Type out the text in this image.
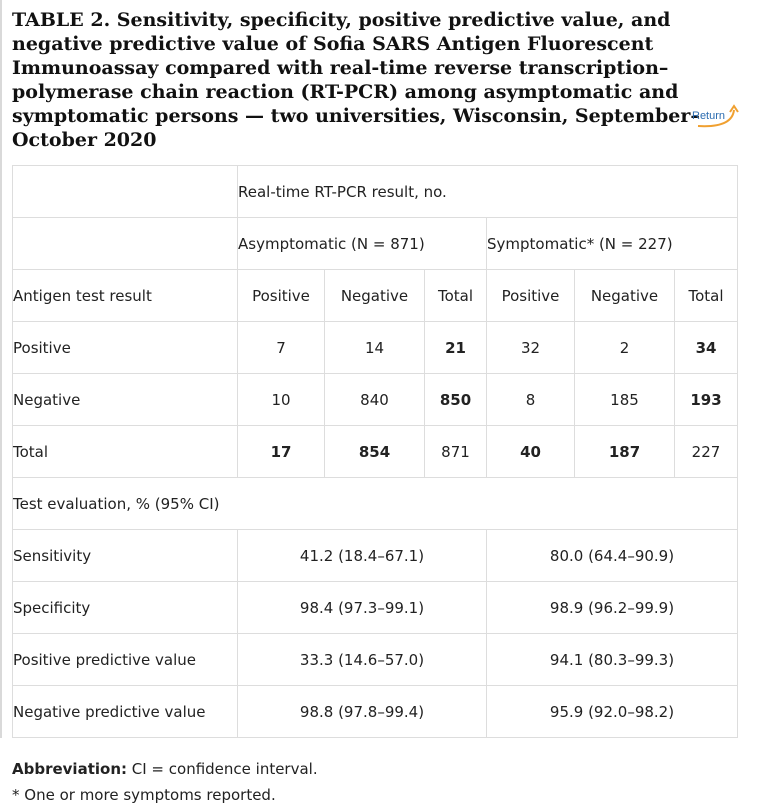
TABLE 2. Sensitivity, specificity, positive predictive value, and negative predictive value of Sofia SARS Antigen Fluorescent Immunoassay compared with real-time reverse transcription–polymerase chain reaction (RT-PCR) among asymptomatic and symptomatic persons — two universities, Wisconsin, September–October 2020
Return
	Real-time RT-PCR result, no.					
	Asymptomatic (N = 871)			Symptomatic* (N = 227)		
Antigen test result	Positive	Negative	Total	Positive	Negative	Total
Positive	7	14	21	32	2	34
Negative	10	840	850	8	185	193
Total	17	854	871	40	187	227
Test evaluation, % (95% CI)						
Sensitivity	41.2 (18.4–67.1)			80.0 (64.4–90.9)		
Specificity	98.4 (97.3–99.1)			98.9 (96.2–99.9)		
Positive predictive value	33.3 (14.6–57.0)			94.1 (80.3–99.3)		
Negative predictive value	98.8 (97.8–99.4)			95.9 (92.0–98.2)		
Abbreviation: CI = confidence interval.
* One or more symptoms reported.
